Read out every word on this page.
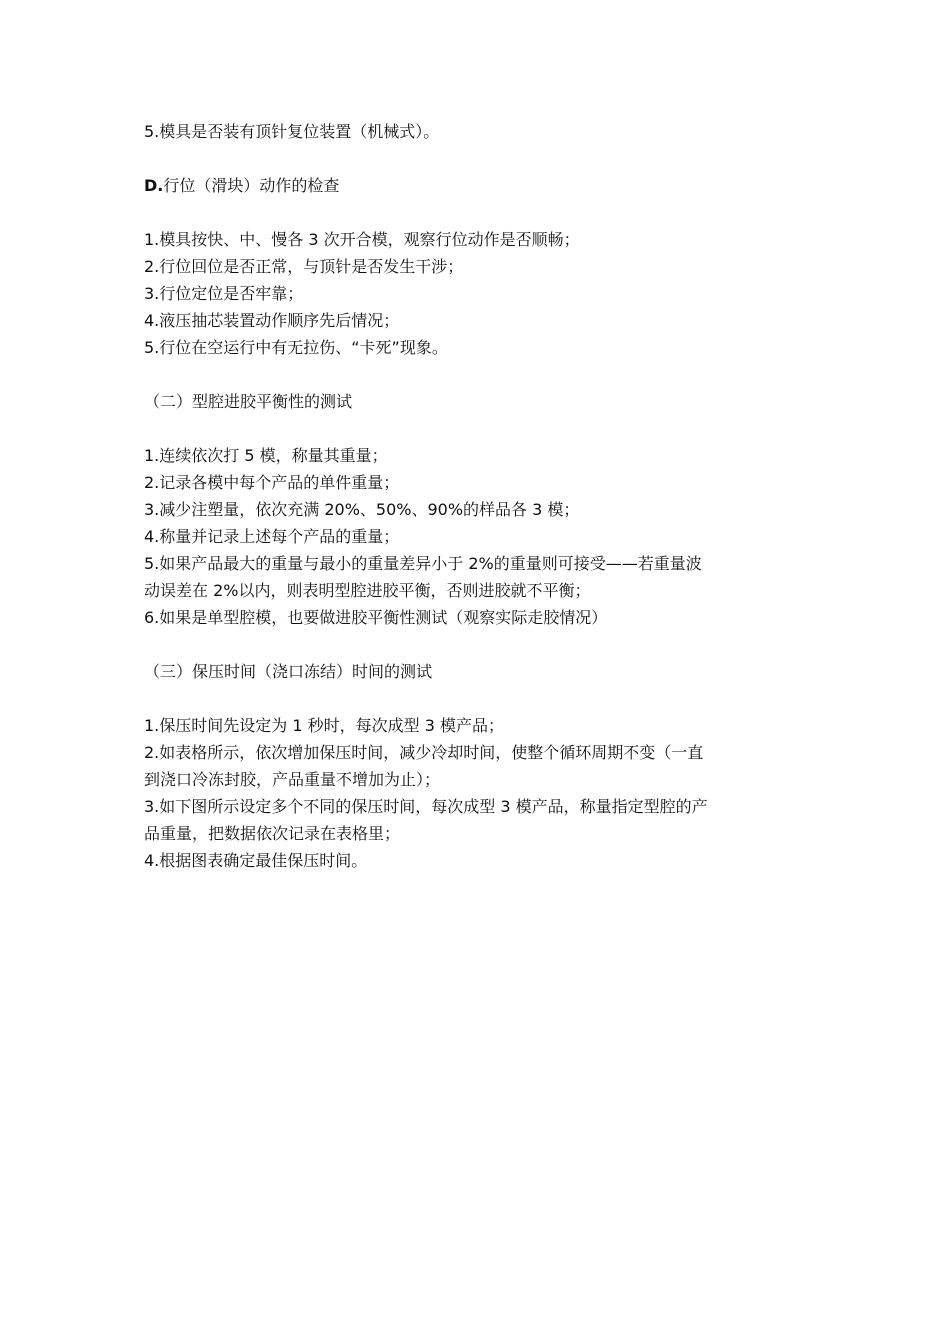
5.模具是否装有顶针复位装置（机械式）。
D.行位（滑块）动作的检查
1.模具按快、中、慢各 3 次开合模，观察行位动作是否顺畅；
2.行位回位是否正常，与顶针是否发生干涉；
3.行位定位是否牢靠；
4.液压抽芯装置动作顺序先后情况；
5.行位在空运行中有无拉伤、“卡死”现象。
（二）型腔进胶平衡性的测试
1.连续依次打 5 模，称量其重量；
2.记录各模中每个产品的单件重量；
3.减少注塑量，依次充满 20%、50%、90%的样品各 3 模；
4.称量并记录上述每个产品的重量；
5.如果产品最大的重量与最小的重量差异小于 2%的重量则可接受——若重量波
动误差在 2%以内，则表明型腔进胶平衡，否则进胶就不平衡；
6.如果是单型腔模，也要做进胶平衡性测试（观察实际走胶情况）
（三）保压时间（浇口冻结）时间的测试
1.保压时间先设定为 1 秒时，每次成型 3 模产品；
2.如表格所示，依次增加保压时间，减少冷却时间，使整个循环周期不变（一直
到浇口冷冻封胶，产品重量不增加为止）；
3.如下图所示设定多个不同的保压时间，每次成型 3 模产品，称量指定型腔的产
品重量，把数据依次记录在表格里；
4.根据图表确定最佳保压时间。
